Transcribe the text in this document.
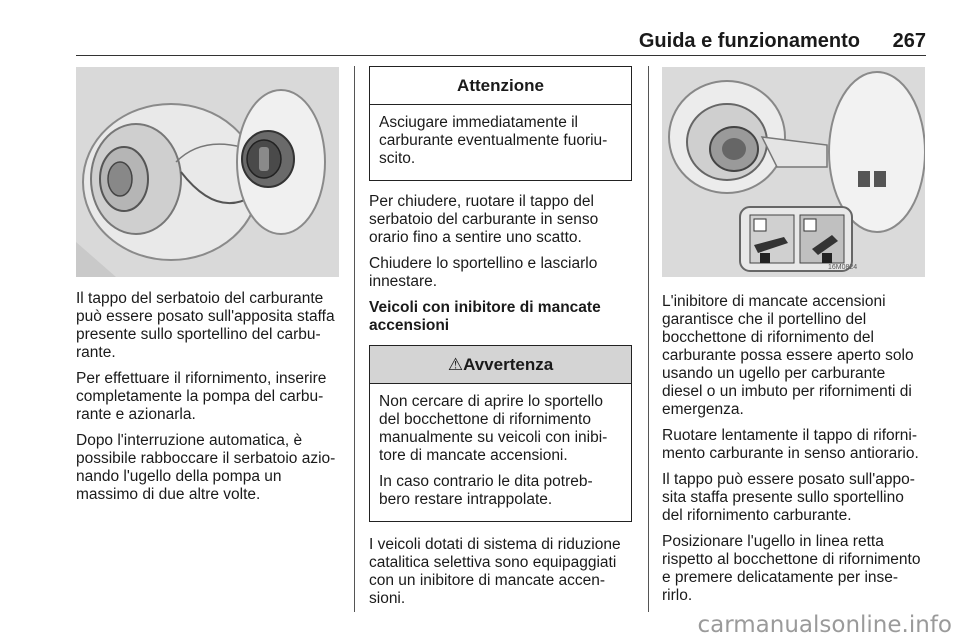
Guida e funzionamento 267

Il tappo del serbatoio del carburante può essere posato sull'apposita staffa presente sullo sportellino del carbu-rante.

Per effettuare il rifornimento, inserire completamente la pompa del carbu-rante e azionarla.

Dopo l'interruzione automatica, è possibile rabboccare il serbatoio azio-nando l'ugello della pompa un massimo di due altre volte.

Attenzione

Asciugare immediatamente il carburante eventualmente fuoriu-scito.

Per chiudere, ruotare il tappo del serbatoio del carburante in senso orario fino a sentire uno scatto.

Chiudere lo sportellino e lasciarlo innestare.

Veicoli con inibitore di mancate accensioni
⚠Avvertenza

Non cercare di aprire lo sportello del bocchettone di rifornimento manualmente su veicoli con inibi-tore di mancate accensioni.

In caso contrario le dita potreb-bero restare intrappolate.

I veicoli dotati di sistema di riduzione catalitica selettiva sono equipaggiati con un inibitore di mancate accen-sioni.

16M0824

L'inibitore di mancate accensioni garantisce che il portellino del bocchettone di rifornimento del carburante possa essere aperto solo usando un ugello per carburante diesel o un imbuto per rifornimenti di emergenza.

Ruotare lentamente il tappo di riforni-mento carburante in senso antiorario.

Il tappo può essere posato sull'appo-sita staffa presente sullo sportellino del rifornimento carburante.

Posizionare l'ugello in linea retta rispetto al bocchettone di rifornimento e premere delicatamente per inse-rirlo.

carmanualsonline.info
